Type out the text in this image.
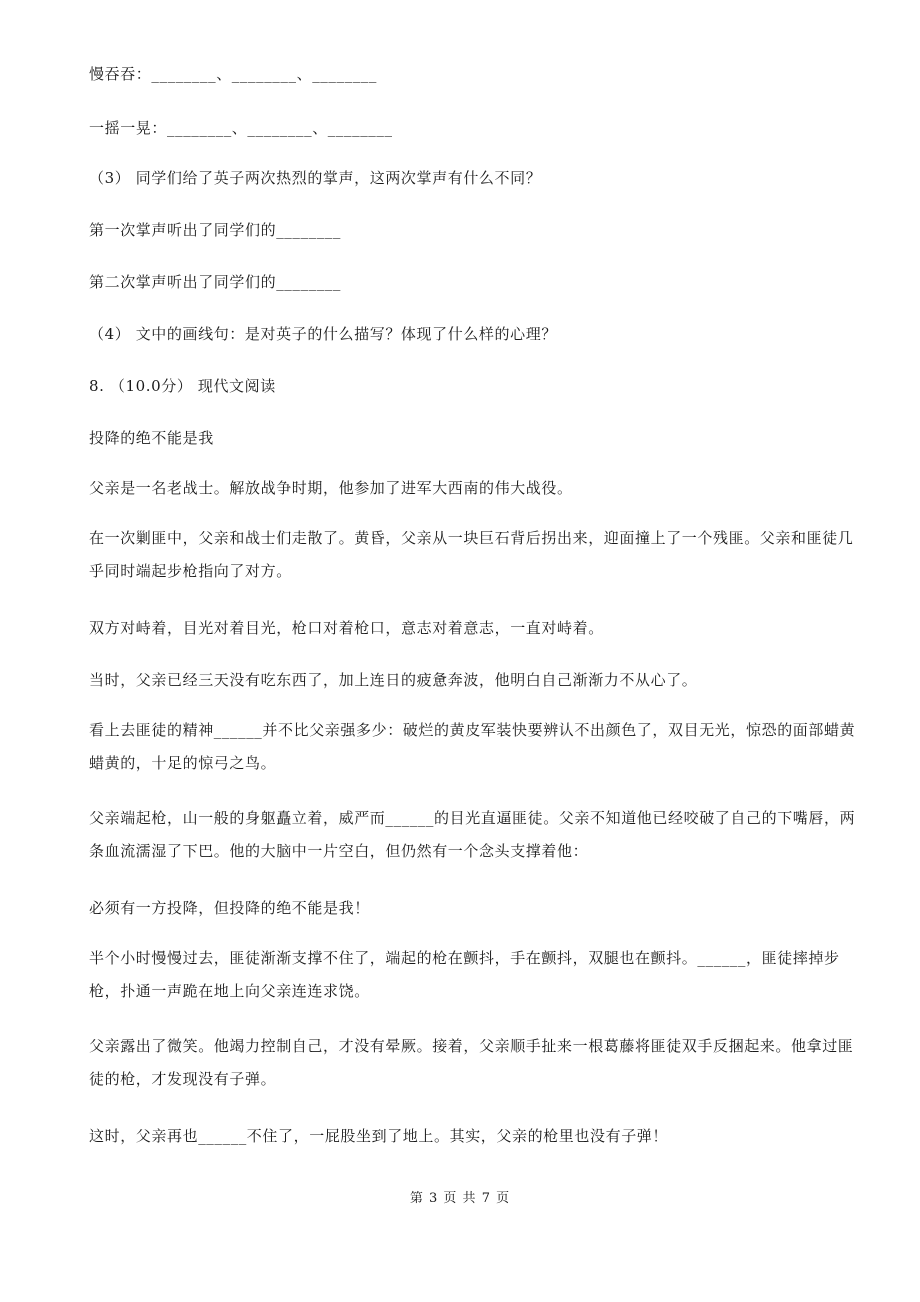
慢吞吞：________、________、________
一摇一晃：________、________、________
（3） 同学们给了英子两次热烈的掌声，这两次掌声有什么不同？
第一次掌声听出了同学们的________
第二次掌声听出了同学们的________
（4） 文中的画线句：是对英子的什么描写？体现了什么样的心理？
8. （10.0分） 现代文阅读
投降的绝不能是我
父亲是一名老战士。解放战争时期，他参加了进军大西南的伟大战役。
在一次剿匪中，父亲和战士们走散了。黄昏，父亲从一块巨石背后拐出来，迎面撞上了一个残匪。父亲和匪徒几乎同时端起步枪指向了对方。
双方对峙着，目光对着目光，枪口对着枪口，意志对着意志，一直对峙着。
当时，父亲已经三天没有吃东西了，加上连日的疲惫奔波，他明白自己渐渐力不从心了。
看上去匪徒的精神______并不比父亲强多少：破烂的黄皮军装快要辨认不出颜色了，双目无光，惊恐的面部蜡黄蜡黄的，十足的惊弓之鸟。
父亲端起枪，山一般的身躯矗立着，威严而______的目光直逼匪徒。父亲不知道他已经咬破了自己的下嘴唇，两条血流濡湿了下巴。他的大脑中一片空白，但仍然有一个念头支撑着他：
必须有一方投降，但投降的绝不能是我！
半个小时慢慢过去，匪徒渐渐支撑不住了，端起的枪在颤抖，手在颤抖，双腿也在颤抖。______，匪徒摔掉步枪，扑通一声跪在地上向父亲连连求饶。
父亲露出了微笑。他竭力控制自己，才没有晕厥。接着，父亲顺手扯来一根葛藤将匪徒双手反捆起来。他拿过匪徒的枪，才发现没有子弹。
这时，父亲再也______不住了，一屁股坐到了地上。其实，父亲的枪里也没有子弹！
第 3 页 共 7 页
